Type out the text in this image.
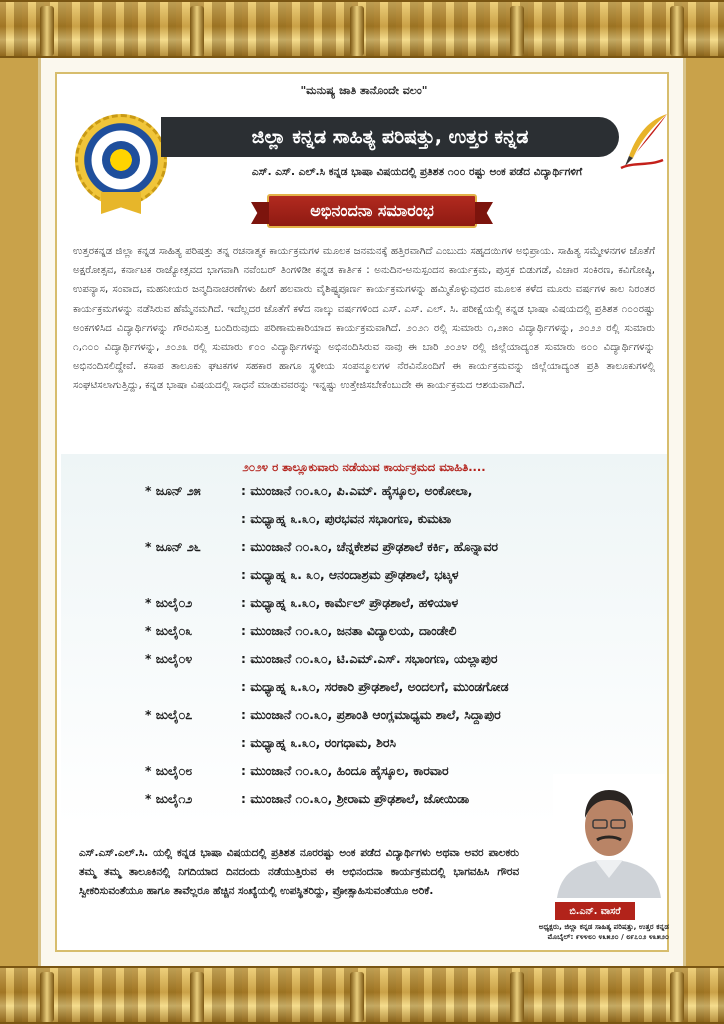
"ಮನುಷ್ಯ ಜಾತಿ ತಾನೊಂದೇ ವಲಂ"
ಜಿಲ್ಲಾ ಕನ್ನಡ ಸಾಹಿತ್ಯ ಪರಿಷತ್ತು, ಉತ್ತರ ಕನ್ನಡ
ಎಸ್. ಎಸ್. ಎಲ್.ಸಿ ಕನ್ನಡ ಭಾಷಾ ವಿಷಯದಲ್ಲಿ ಪ್ರತಿಶತ ೧೦೦ ರಷ್ಟು ಅಂಕ ಪಡೆದ ವಿದ್ಯಾರ್ಥಿಗಳಿಗೆ
ಅಭಿನಂದನಾ ಸಮಾರಂಭ

ಉತ್ತರಕನ್ನಡ ಜಿಲ್ಲಾ ಕನ್ನಡ ಸಾಹಿತ್ಯ ಪರಿಷತ್ತು ತನ್ನ ರಚನಾತ್ಮಕ ಕಾರ್ಯಕ್ರಮಗಳ ಮೂಲಕ ಜನಮನಕ್ಕೆ ಹತ್ತಿರವಾಗಿದೆ ಎಂಬುದು ಸಹೃದಯಿಗಳ ಅಭಿಪ್ರಾಯ. ಸಾಹಿತ್ಯ ಸಮ್ಮೇಳನಗಳ ಜೊತೆಗೆ ಅಕ್ಷರೋತ್ಸವ, ಕರ್ನಾಟಕ ರಾಜ್ಯೋತ್ಸವದ ಭಾಗವಾಗಿ ನವೆಂಬರ್ ತಿಂಗಳಿಡೀ ಕನ್ನಡ ಕಾರ್ತಿಕ : ಅನುದಿನ-ಅನುಸ್ಪಂದನ ಕಾರ್ಯಕ್ರಮ, ಪುಸ್ತಕ ಬಿಡುಗಡೆ, ವಿಚಾರ ಸಂಕಿರಣ, ಕವಿಗೋಷ್ಠಿ, ಉಪನ್ಯಾಸ, ಸಂವಾದ, ಮಹನೀಯರ ಜನ್ಮದಿನಾಚರಣೆಗಳು ಹೀಗೆ ಹಲವಾರು ವೈಶಿಷ್ಟ್ಯಪೂರ್ಣ ಕಾರ್ಯಕ್ರಮಗಳನ್ನು ಹಮ್ಮಿಕೊಳ್ಳುವುದರ ಮೂಲಕ ಕಳೆದ ಮೂರು ವರ್ಷಗಳ ಕಾಲ ನಿರಂತರ ಕಾರ್ಯಕ್ರಮಗಳನ್ನು ನಡೆಸಿರುವ ಹೆಮ್ಮೆನಮಗಿದೆ. ಇದೆಲ್ಲದರ ಜೊತೆಗೆ ಕಳೆದ ನಾಲ್ಕು ವರ್ಷಗಳಿಂದ ಎಸ್. ಎಸ್. ಎಲ್. ಸಿ. ಪರೀಕ್ಷೆಯಲ್ಲಿ ಕನ್ನಡ ಭಾಷಾ ವಿಷಯದಲ್ಲಿ ಪ್ರತಿಶತ ೧೦೦ರಷ್ಟು ಅಂಕಗಳಿಸಿದ ವಿದ್ಯಾರ್ಥಿಗಳನ್ನು ಗೌರವಿಸುತ್ತ ಬಂದಿರುವುದು ಪರಿಣಾಮಕಾರಿಯಾದ ಕಾರ್ಯಕ್ರಮವಾಗಿದೆ. ೨೦೨೧ ರಲ್ಲಿ ಸುಮಾರು ೧,೨೫೦ ವಿದ್ಯಾರ್ಥಿಗಳನ್ನು, ೨೦೨೨ ರಲ್ಲಿ ಸುಮಾರು ೧,೧೦೦ ವಿದ್ಯಾರ್ಥಿಗಳನ್ನು, ೨೦೨೩ ರಲ್ಲಿ ಸುಮಾರು ೯೦೦ ವಿದ್ಯಾರ್ಥಿಗಳನ್ನು ಅಭಿನಂದಿಸಿರುವ ನಾವು ಈ ಬಾರಿ ೨೦೨೪ ರಲ್ಲಿ ಜಿಲ್ಲೆಯಾದ್ಯಂತ ಸುಮಾರು ೮೦೦ ವಿದ್ಯಾರ್ಥಿಗಳನ್ನು ಅಭಿನಂದಿಸಲಿದ್ದೇವೆ. ಕಸಾಪ ತಾಲೂಕು ಘಟಕಗಳ ಸಹಕಾರ ಹಾಗೂ ಸ್ಥಳೀಯ ಸಂಪನ್ಮೂಲಗಳ ನೆರವಿನೊಂದಿಗೆ ಈ ಕಾರ್ಯಕ್ರಮವನ್ನು ಜಿಲ್ಲೆಯಾದ್ಯಂತ ಪ್ರತಿ ತಾಲೂಕುಗಳಲ್ಲಿ ಸಂಘಟಿಸಲಾಗುತ್ತಿದ್ದು, ಕನ್ನಡ ಭಾಷಾ ವಿಷಯದಲ್ಲಿ ಸಾಧನೆ ಮಾಡುವವರನ್ನು ಇನ್ನಷ್ಟು ಉತ್ತೇಜಿಸಬೇಕೆಂಬುದೇ ಈ ಕಾರ್ಯಕ್ರಮದ ಆಶಯವಾಗಿದೆ.

೨೦೨೪ ರ ತಾಲ್ಲೂಕುವಾರು ನಡೆಯುವ ಕಾರ್ಯಕ್ರಮದ ಮಾಹಿತಿ....
* ಜೂನ್ ೨೫	: ಮುಂಜಾನೆ ೧೦.೩೦, ಪಿ.ಎಮ್. ಹೈಸ್ಕೂಲ, ಅಂಕೋಲಾ,
: ಮಧ್ಯಾಹ್ನ ೩.೩೦, ಪುರಭವನ ಸಭಾಂಗಣ, ಕುಮಟಾ
* ಜೂನ್ ೨೬	: ಮುಂಜಾನೆ ೧೦.೩೦, ಚೆನ್ನಕೇಶವ ಪ್ರೌಢಶಾಲೆ ಕರ್ಕಿ, ಹೊನ್ನಾವರ
: ಮಧ್ಯಾಹ್ನ ೩. ೩೦, ಆನಂದಾಶ್ರಮ ಪ್ರೌಢಶಾಲೆ, ಭಟ್ಕಳ
* ಜುಲೈ೦೨	: ಮಧ್ಯಾಹ್ನ ೩.೩೦, ಕಾರ್ಮೆಲ್ ಪ್ರೌಢಶಾಲೆ, ಹಳಿಯಾಳ
* ಜುಲೈ೦೩	: ಮುಂಜಾನೆ ೧೦.೩೦, ಜನತಾ ವಿದ್ಯಾಲಯ, ದಾಂಡೇಲಿ
* ಜುಲೈ೦೪	: ಮುಂಜಾನೆ ೧೦.೩೦, ಟಿ.ಎಮ್.ಎಸ್. ಸಭಾಂಗಣ, ಯಲ್ಲಾಪುರ
: ಮಧ್ಯಾಹ್ನ ೩.೩೦, ಸರಕಾರಿ ಪ್ರೌಢಶಾಲೆ, ಅಂದಲಗೆ, ಮುಂಡಗೋಡ
* ಜುಲೈ೦೭	: ಮುಂಜಾನೆ ೧೦.೩೦, ಪ್ರಶಾಂತಿ ಆಂಗ್ಲಮಾಧ್ಯಮ ಶಾಲೆ, ಸಿದ್ದಾಪುರ
: ಮಧ್ಯಾಹ್ನ ೩.೩೦, ರಂಗಧಾಮ, ಶಿರಸಿ
* ಜುಲೈ೦೮	: ಮುಂಜಾನೆ ೧೦.೩೦, ಹಿಂದೂ ಹೈಸ್ಕೂಲ, ಕಾರವಾರ
* ಜುಲೈ೧೨	: ಮುಂಜಾನೆ ೧೦.೩೦, ಶ್ರೀರಾಮ ಪ್ರೌಢಶಾಲೆ, ಜೋಯಿಡಾ

ಎಸ್.ಎಸ್.ಎಲ್.ಸಿ. ಯಲ್ಲಿ ಕನ್ನಡ ಭಾಷಾ ವಿಷಯದಲ್ಲಿ ಪ್ರತಿಶತ ನೂರರಷ್ಟು ಅಂಕ ಪಡೆದ ವಿದ್ಯಾರ್ಥಿಗಳು ಅಥವಾ ಅವರ ಪಾಲಕರು ತಮ್ಮ ತಮ್ಮ ತಾಲೂಕಿನಲ್ಲಿ ನಿಗದಿಯಾದ ದಿನದಂದು ನಡೆಯುತ್ತಿರುವ ಈ ಅಭಿನಂದನಾ ಕಾರ್ಯಕ್ರಮದಲ್ಲಿ ಭಾಗವಹಿಸಿ ಗೌರವ ಸ್ವೀಕರಿಸುವಂತೆಯೂ ಹಾಗೂ ತಾವೆಲ್ಲರೂ ಹೆಚ್ಚಿನ ಸಂಖ್ಯೆಯಲ್ಲಿ ಉಪಸ್ಥಿತರಿದ್ದು, ಪ್ರೋತ್ಸಾಹಿಸುವಂತೆಯೂ ಅರಿಕೆ.

ಬಿ.ಎನ್. ವಾಸರೆ
ಅಧ್ಯಕ್ಷರು, ಜಿಲ್ಲಾ ಕನ್ನಡ ಸಾಹಿತ್ಯ ಪರಿಷತ್ತು, ಉತ್ತರ ಕನ್ನಡ
ಮೊಬೈಲ್: ೯೪೪೮೦ ೪೩೫೨೦ / ೮೯೭೦೨ ೪೩೫೨೦
